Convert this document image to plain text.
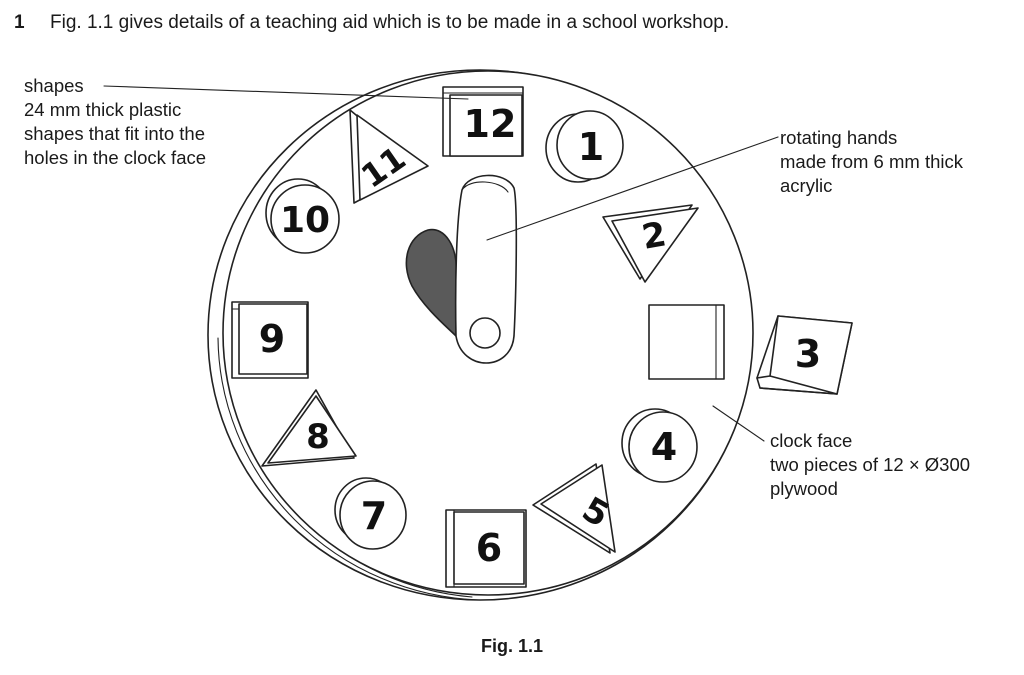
1 Fig. 1.1 gives details of a teaching aid which is to be made in a school workshop.
12
1
2
3
4
5
6
7
8
9
10
11
shapes
24 mm thick plastic
shapes that fit into the
holes in the clock face
rotating hands
made from 6 mm thick
acrylic
clock face
two pieces of 12 × Ø300
plywood
Fig. 1.1
